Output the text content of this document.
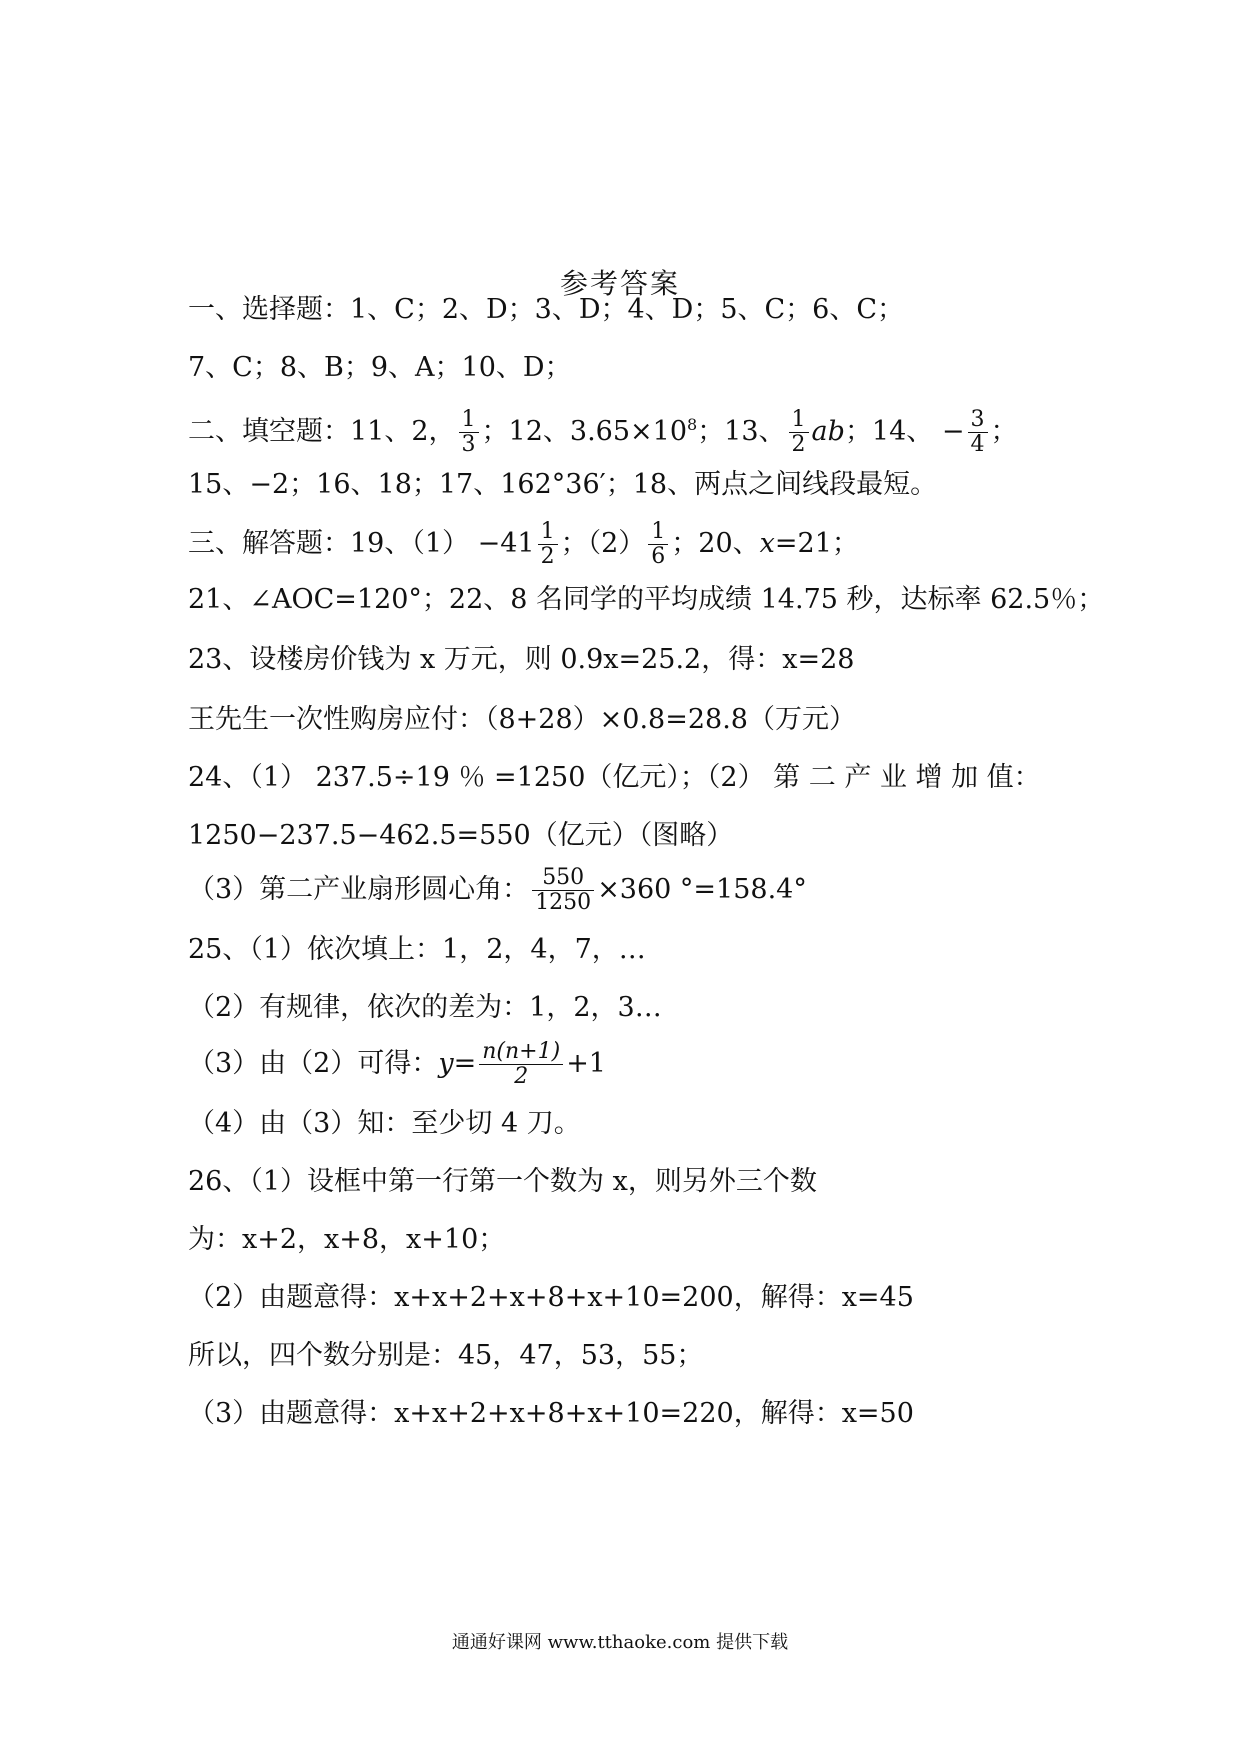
参考答案
一、选择题：1、C；2、D；3、D；4、D；5、C；6、C；
7、C；8、B；9、A；10、D；
二、填空题：11、2， $\frac{1}{3}$ ；12、$3.65\times 10^8$；13、 $\frac{1}{2}$ ab；14、 − $\frac{3}{4}$ ；
15、−2；16、18；17、162°36′；18、两点之间线段最短。
三、解答题：19、$(1) -41 \frac{1}{2}$ ；$(2) \frac{1}{6}$ ；20、x=21；
21、∠AOC=120°；22、8 名同学的平均成绩 14.75 秒，达标率 62.5％；
23、设楼房价钱为 x 万元，则 0.9x=25.2，得：x=28
王先生一次性购房应付：（8+28）×0.8=28.8（万元）
24、（1） 237.5÷19 ％ =1250（亿元）；（2） 第 二 产 业 增 加 值：
1250−237.5−462.5=550（亿元）（图略）
（3）第二产业扇形圆心角： $\frac{550}{1250} \times 360$ °=158.4°
25、（1）依次填上：1，2，4，7，…
（2）有规律，依次的差为：1，2，3…
（3）由（2）可得：$y= \frac{n(n+1)}{2} +1$
（4）由（3）知：至少切 4 刀。
26、（1）设框中第一行第一个数为 x，则另外三个数
为：x+2，x+8，x+10；
（2）由题意得：x+x+2+x+8+x+10=200，解得：x=45
所以，四个数分别是：45，47，53，55；
（3）由题意得：x+x+2+x+8+x+10=220，解得：x=50
通通好课网 www.tthaoke.com 提供下载
